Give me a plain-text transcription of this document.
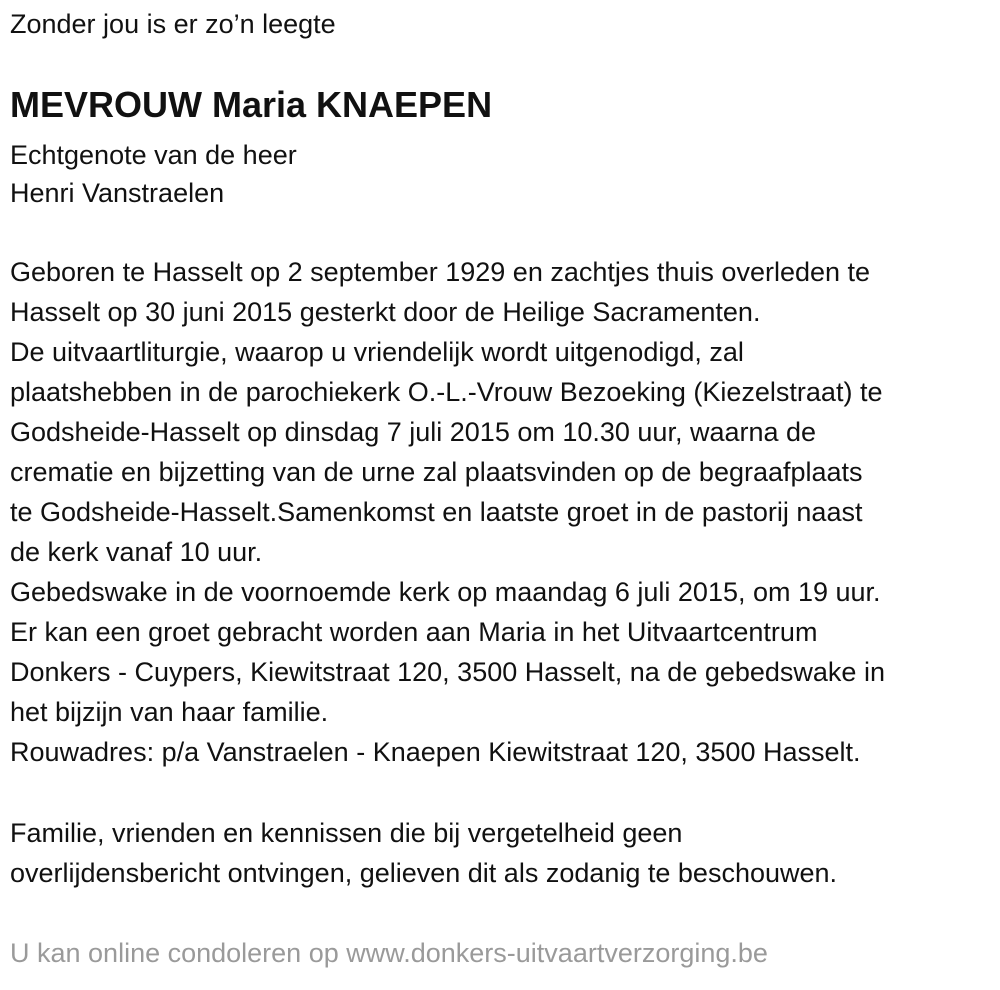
Zonder jou is er zo’n leegte
MEVROUW Maria KNAEPEN
Echtgenote van de heer
Henri Vanstraelen
Geboren te Hasselt op 2 september 1929 en zachtjes thuis overleden te
Hasselt op 30 juni 2015 gesterkt door de Heilige Sacramenten.
De uitvaartliturgie, waarop u vriendelijk wordt uitgenodigd, zal
plaatshebben in de parochiekerk O.-L.-Vrouw Bezoeking (Kiezelstraat) te
Godsheide-Hasselt op dinsdag 7 juli 2015 om 10.30 uur, waarna de
crematie en bijzetting van de urne zal plaatsvinden op de begraafplaats
te Godsheide-Hasselt.Samenkomst en laatste groet in de pastorij naast
de kerk vanaf 10 uur.
Gebedswake in de voornoemde kerk op maandag 6 juli 2015, om 19 uur.
Er kan een groet gebracht worden aan Maria in het Uitvaartcentrum
Donkers - Cuypers, Kiewitstraat 120, 3500 Hasselt, na de gebedswake in
het bijzijn van haar familie.
Rouwadres: p/a Vanstraelen - Knaepen Kiewitstraat 120, 3500 Hasselt.
Familie, vrienden en kennissen die bij vergetelheid geen
overlijdensbericht ontvingen, gelieven dit als zodanig te beschouwen.
U kan online condoleren op www.donkers-uitvaartverzorging.be
